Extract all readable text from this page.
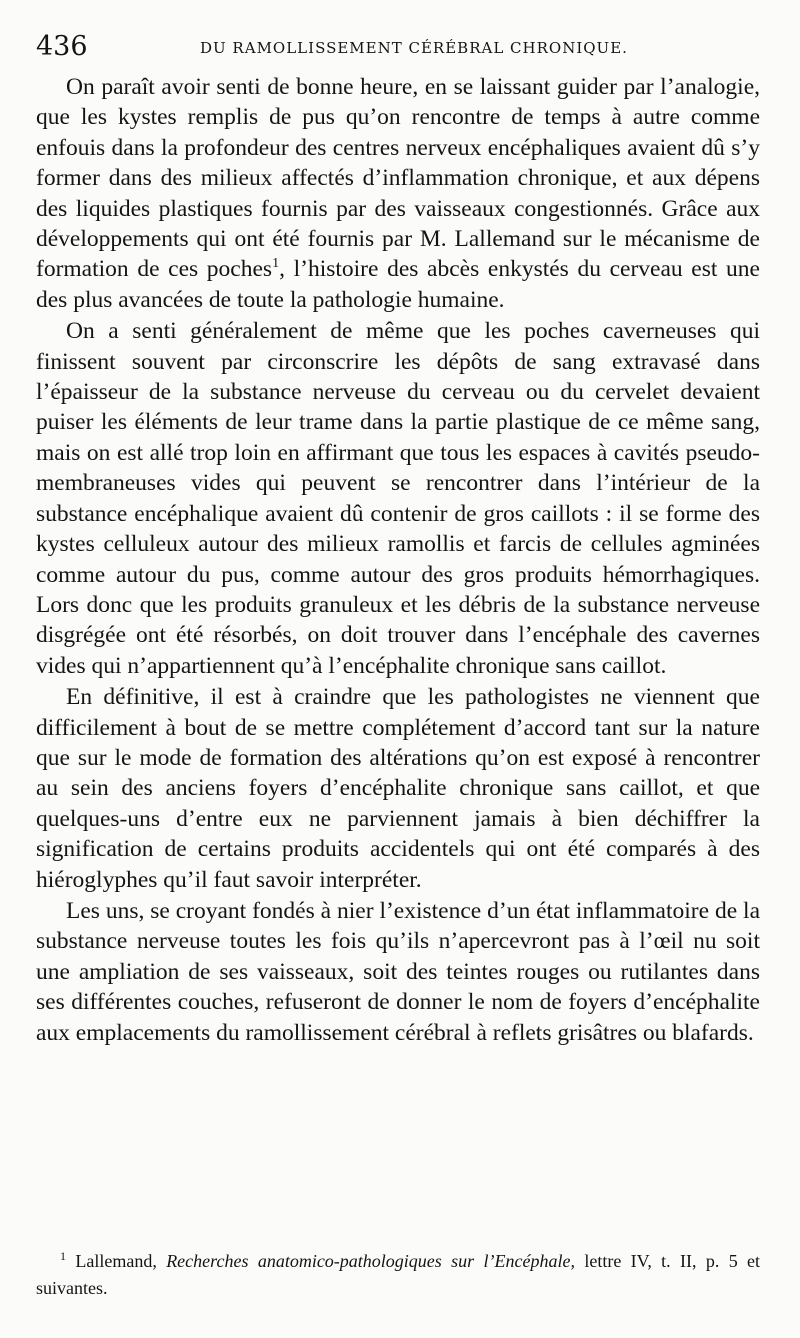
436	DU RAMOLLISSEMENT CÉRÉBRAL CHRONIQUE.

On paraît avoir senti de bonne heure, en se laissant guider par l’analogie, que les kystes remplis de pus qu’on rencontre de temps à autre comme enfouis dans la profondeur des centres nerveux encéphaliques avaient dû s’y former dans des milieux affectés d’inflammation chronique, et aux dépens des liquides plastiques fournis par des vaisseaux congestionnés. Grâce aux développements qui ont été fournis par M. Lallemand sur le mécanisme de formation de ces poches$^1$, l’histoire des abcès enkystés du cerveau est une des plus avancées de toute la pathologie humaine.

On a senti généralement de même que les poches caverneuses qui finissent souvent par circonscrire les dépôts de sang extravasé dans l’épaisseur de la substance nerveuse du cerveau ou du cervelet devaient puiser les éléments de leur trame dans la partie plastique de ce même sang, mais on est allé trop loin en affirmant que tous les espaces à cavités pseudo-membraneuses vides qui peuvent se rencontrer dans l’intérieur de la substance encéphalique avaient dû contenir de gros caillots : il se forme des kystes celluleux autour des milieux ramollis et farcis de cellules agminées comme autour du pus, comme autour des gros produits hémorrhagiques. Lors donc que les produits granuleux et les débris de la substance nerveuse disgrégée ont été résorbés, on doit trouver dans l’encéphale des cavernes vides qui n’appartiennent qu’à l’encéphalite chronique sans caillot.

En définitive, il est à craindre que les pathologistes ne viennent que difficilement à bout de se mettre complétement d’accord tant sur la nature que sur le mode de formation des altérations qu’on est exposé à rencontrer au sein des anciens foyers d’encéphalite chronique sans caillot, et que quelques-uns d’entre eux ne parviennent jamais à bien déchiffrer la signification de certains produits accidentels qui ont été comparés à des hiéroglyphes qu’il faut savoir interpréter.

Les uns, se croyant fondés à nier l’existence d’un état inflammatoire de la substance nerveuse toutes les fois qu’ils n’apercevront pas à l’œil nu soit une ampliation de ses vaisseaux, soit des teintes rouges ou rutilantes dans ses différentes couches, refuseront de donner le nom de foyers d’encéphalite aux emplacements du ramollissement cérébral à reflets grisâtres ou blafards.

$^1$ Lallemand, Recherches anatomico-pathologiques sur l’Encéphale, lettre IV, t. II, p. 5 et suivantes.
